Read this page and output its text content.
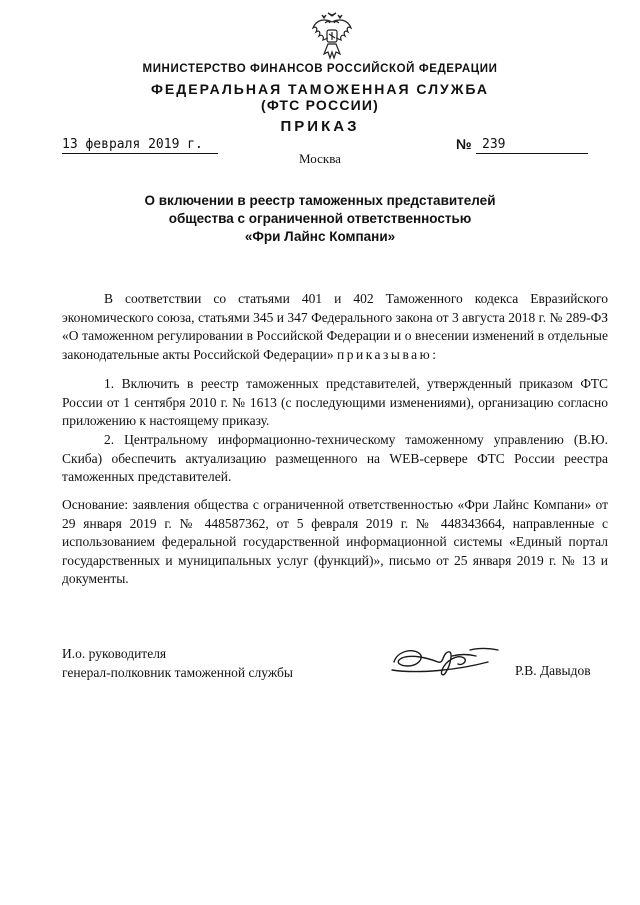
МИНИСТЕРСТВО ФИНАНСОВ РОССИЙСКОЙ ФЕДЕРАЦИИ
ФЕДЕРАЛЬНАЯ ТАМОЖЕННАЯ СЛУЖБА
(ФТС РОССИИ)
ПРИКАЗ
13 февраля 2019 г.	№ 239
Москва
О включении в реестр таможенных представителей
общества с ограниченной ответственностью
«Фри Лайнс Компани»
В соответствии со статьями 401 и 402 Таможенного кодекса Евразийского экономического союза, статьями 345 и 347 Федерального закона от 3 августа 2018 г. № 289-ФЗ «О таможенном регулировании в Российской Федерации и о внесении изменений в отдельные законодательные акты Российской Федерации» приказываю:
1. Включить в реестр таможенных представителей, утвержденный приказом ФТС России от 1 сентября 2010 г. № 1613 (с последующими изменениями), организацию согласно приложению к настоящему приказу.
2. Центральному информационно-техническому таможенному управлению (В.Ю. Скиба) обеспечить актуализацию размещенного на WEB-сервере ФТС России реестра таможенных представителей.
Основание: заявления общества с ограниченной ответственностью «Фри Лайнс Компани» от 29 января 2019 г. № 448587362, от 5 февраля 2019 г. № 448343664, направленные с использованием федеральной государственной информационной системы «Единый портал государственных и муниципальных услуг (функций)», письмо от 25 января 2019 г. № 13 и документы.
И.о. руководителя
генерал-полковник таможенной службы	Р.В. Давыдов
